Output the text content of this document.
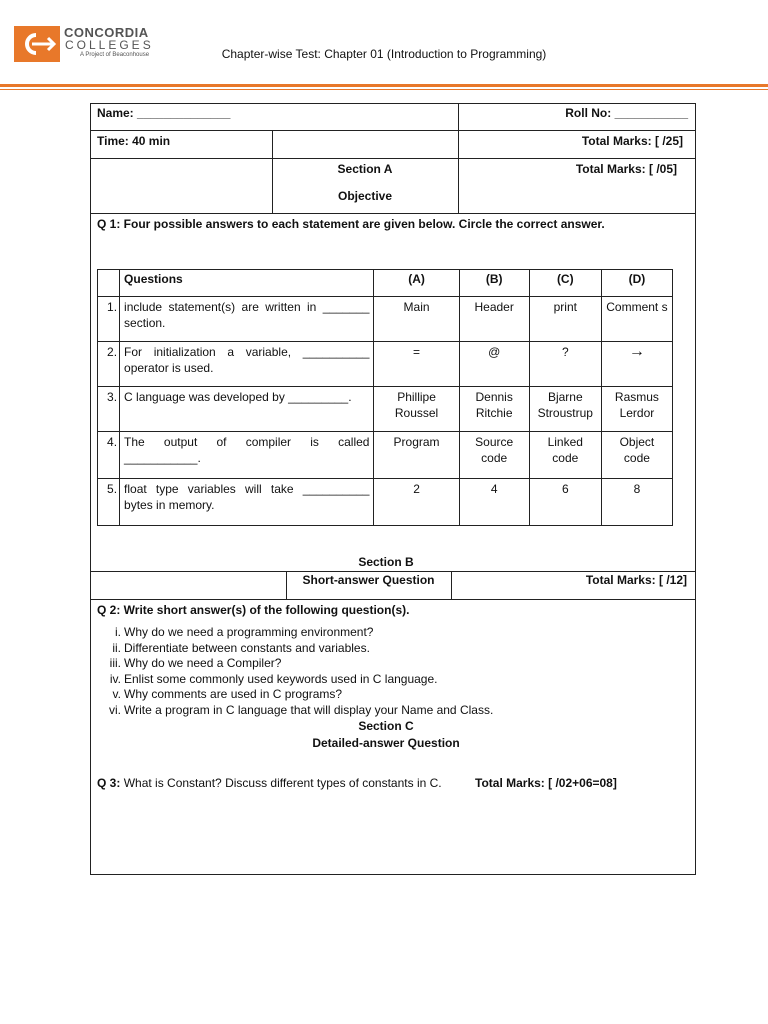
CONCORDIA
COLLEGES
A Project of Beaconhouse	Chapter-wise Test: Chapter 01 (Introduction to Programming)
Name: ______________	Roll No: ___________
Time: 40 min	Total Marks: [ /25]
Section A
Objective
Total Marks: [ /05]
Q 1: Four possible answers to each statement are given below. Circle the correct answer.
	Questions	(A)	(B)	(C)	(D)
1.	include statement(s) are written in _______ section.	Main	Header	print	Comment s
2.	For initialization a variable, __________ operator is used.	=	@	?	→
3.	C language was developed by _________.	Phillipe Roussel	Dennis Ritchie	Bjarne Stroustrup	Rasmus Lerdor
4.	The output of compiler is called ___________.	Program	Source code	Linked code	Object code
5.	float type variables will take __________ bytes in memory.	2	4	6	8
Section B
Short-answer Question	Total Marks: [ /12]
Q 2: Write short answer(s) of the following question(s).
i. Why do we need a programming environment?
ii. Differentiate between constants and variables.
iii. Why do we need a Compiler?
iv. Enlist some commonly used keywords used in C language.
v. Why comments are used in C programs?
vi. Write a program in C language that will display your Name and Class.
Section C
Detailed-answer Question
Q 3: What is Constant? Discuss different types of constants in C.	Total Marks: [ /02+06=08]
